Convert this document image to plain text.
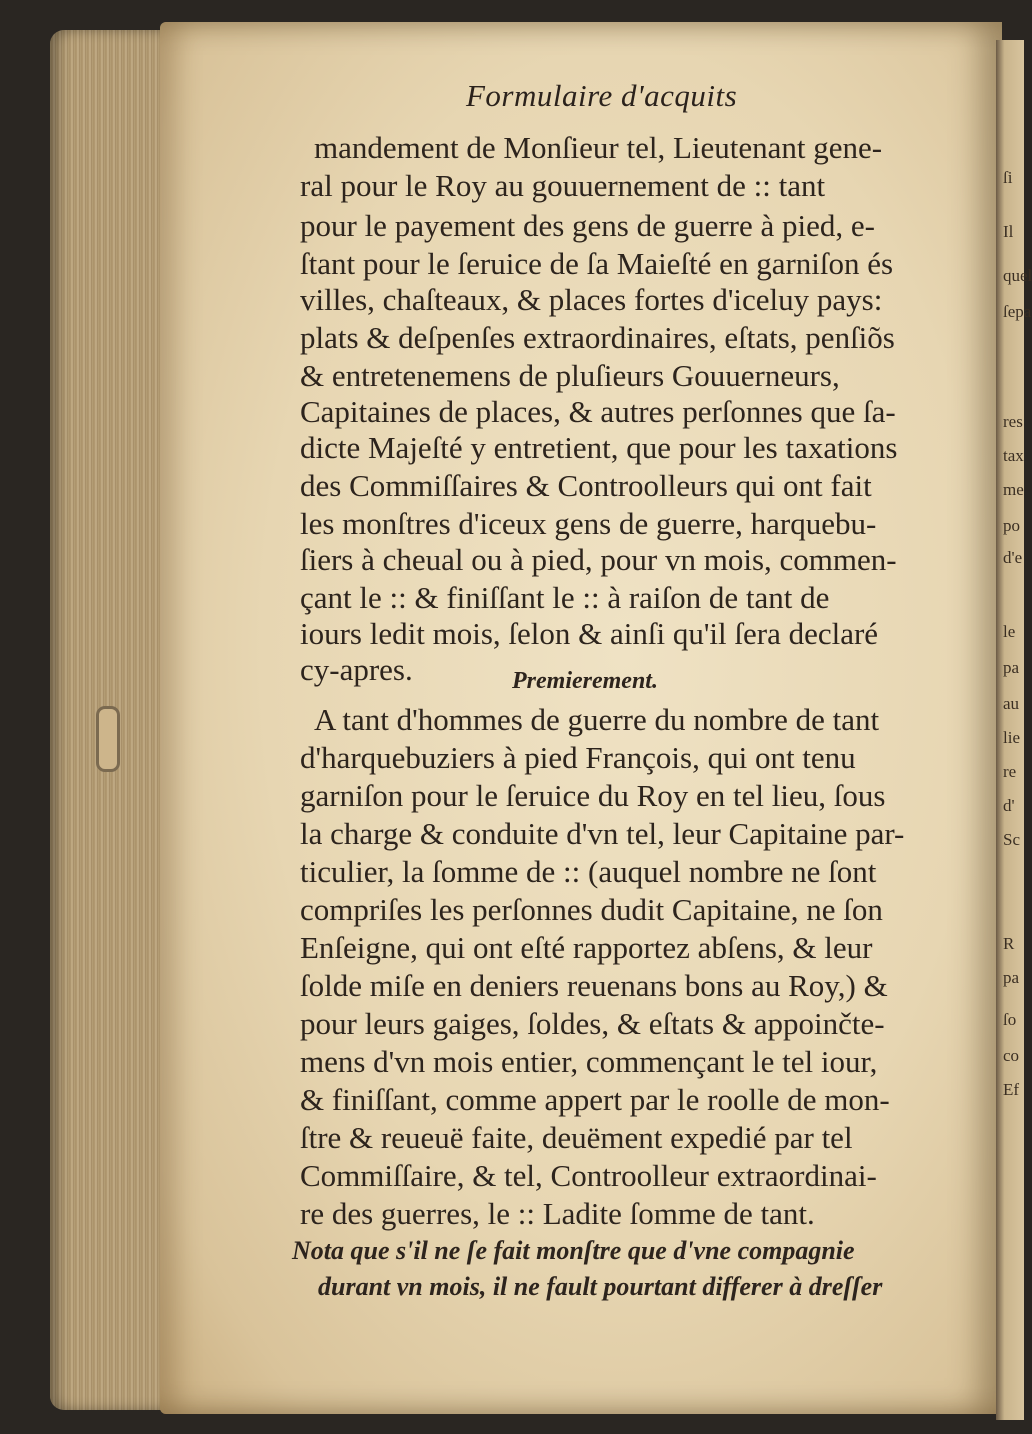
Formulaire d'acquits
mandement de Monſieur tel, Lieutenant gene-
ral pour le Roy au gouuernement de :: tant
pour le payement des gens de guerre à pied, e-
ſtant pour le ſeruice de ſa Maieſté en garniſon és
villes, chaſteaux, & places fortes d'iceluy pays:
plats & deſpenſes extraordinaires, eſtats, penſiõs
& entretenemens de pluſieurs Gouuerneurs,
Capitaines de places, & autres perſonnes que ſa-
dicte Majeſté y entretient, que pour les taxations
des Commiſſaires & Controolleurs qui ont fait
les monſtres d'iceux gens de guerre, harquebu-
ſiers à cheual ou à pied, pour vn mois, commen-
çant le :: & finiſſant le :: à raiſon de tant de
iours ledit mois, ſelon & ainſi qu'il ſera declaré
cy-apres.	Premierement.
A tant d'hommes de guerre du nombre de tant
d'harquebuziers à pied François, qui ont tenu
garniſon pour le ſeruice du Roy en tel lieu, ſous
la charge & conduite d'vn tel, leur Capitaine par-
ticulier, la ſomme de :: (auquel nombre ne ſont
compriſes les perſonnes dudit Capitaine, ne ſon
Enſeigne, qui ont eſté rapportez abſens, & leur
ſolde miſe en deniers reuenans bons au Roy,) &
pour leurs gaiges, ſoldes, & eſtats & appoinčte-
mens d'vn mois entier, commençant le tel iour,
& finiſſant, comme appert par le roolle de mon-
ſtre & reueuë faite, deuëment expedié par tel
Commiſſaire, & tel, Controolleur extraordinai-
re des guerres, le :: Ladite ſomme de tant.
Nota que s'il ne ſe fait monſtre que d'vne compagnie
durant vn mois, il ne fault pourtant differer à dreſſer
ſi
Il
quel
ſepa
res
tax
me
po
d'e
le
pa
au
lie
re
d'
Sc
R
pa
ſo
co
Ef
